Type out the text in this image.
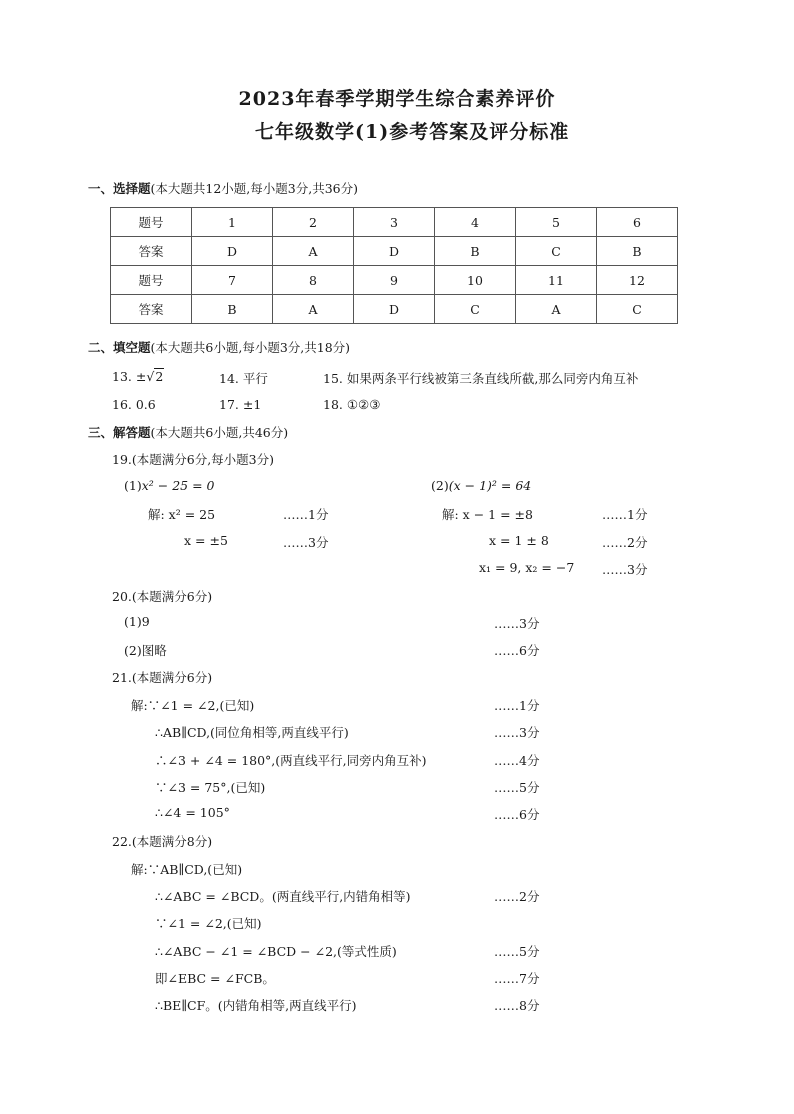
2023年春季学期学生综合素养评价
七年级数学(1)参考答案及评分标准
一、选择题(本大题共12小题,每小题3分,共36分)
题号	1	2	3	4	5	6
答案	D	A	D	B	C	B
题号	7	8	9	10	11	12
答案	B	A	D	C	A	C
二、填空题(本大题共6小题,每小题3分,共18分)
13. ±√2	14. 平行	15. 如果两条平行线被第三条直线所截,那么同旁内角互补
16. 0.6	17. ±1	18. ①②③
三、解答题(本大题共6小题,共46分)
19.(本题满分6分,每小题3分)
(1)x² − 25 = 0
解: x² = 25	……1分
x = ±5	……3分
(2)(x − 1)² = 64
解: x − 1 = ±8	……1分
x = 1 ± 8	……2分
x₁ = 9, x₂ = −7 ……3分
20.(本题满分6分)
(1)9	……3分
(2)图略	……6分
21.(本题满分6分)
解:∵∠1 = ∠2,(已知)	……1分
∴AB∥CD,(同位角相等,两直线平行)	……3分
∴∠3 + ∠4 = 180°,(两直线平行,同旁内角互补)	……4分
∵∠3 = 75°,(已知)	……5分
∴∠4 = 105°	……6分
22.(本题满分8分)
解:∵AB∥CD,(已知)
∴∠ABC = ∠BCD。(两直线平行,内错角相等)	……2分
∵∠1 = ∠2,(已知)
∴∠ABC − ∠1 = ∠BCD − ∠2,(等式性质)	……5分
即∠EBC = ∠FCB。	……7分
∴BE∥CF。(内错角相等,两直线平行)	……8分
